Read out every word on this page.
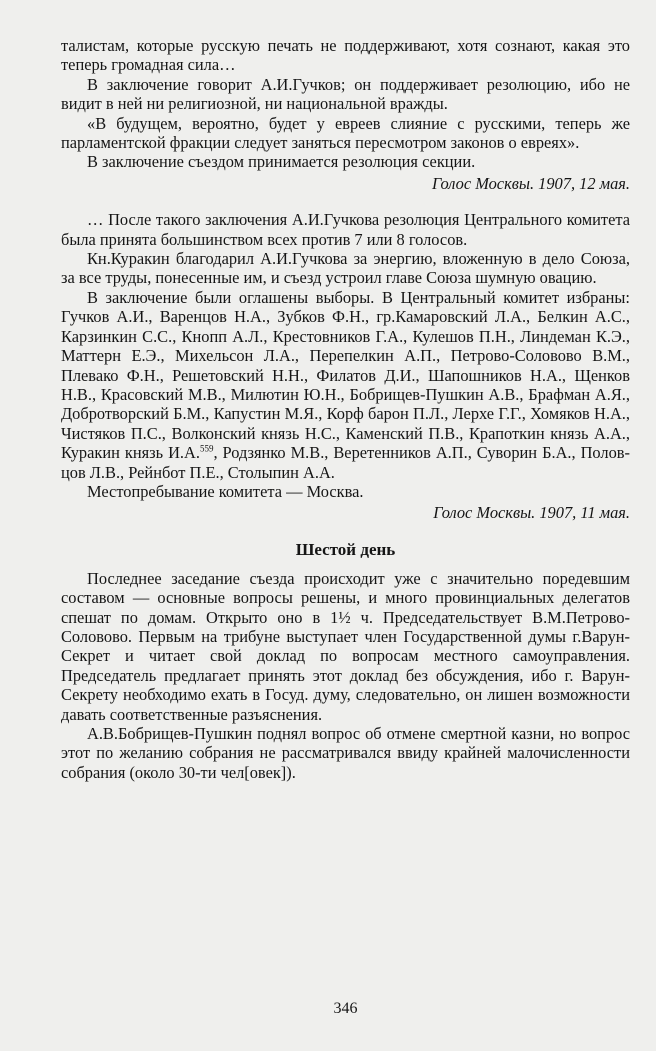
талистам, которые русскую печать не поддерживают, хотя сознают, какая это теперь громадная сила…

В заключение говорит А.И.Гучков; он поддерживает резолюцию, ибо не видит в ней ни религиозной, ни национальной вражды.

«В будущем, вероятно, будет у евреев слияние с русскими, теперь же парламентской фракции следует заняться пересмотром законов о евреях».

В заключение съездом принимается резолюция секции.

Голос Москвы. 1907, 12 мая.

… После такого заключения А.И.Гучкова резолюция Центрального комитета была принята большинством всех против 7 или 8 голосов.

Кн.Куракин благодарил А.И.Гучкова за энергию, вложенную в дело Союза, за все труды, понесенные им, и съезд устроил главе Союза шумную овацию.

В заключение были оглашены выборы. В Центральный комитет избраны: Гучков А.И., Варенцов Н.А., Зубков Ф.Н., гр.Камаровский Л.А., Белкин А.С., Карзинкин С.С., Кнопп А.Л., Крестовников Г.А., Кулешов П.Н., Линдеман К.Э., Маттерн Е.Э., Михельсон Л.А., Перепелкин А.П., Петрово-Соловово В.М., Плевако Ф.Н., Решетовский Н.Н., Филатов Д.И., Шапошников Н.А., Щенков Н.В., Красовский М.В., Милютин Ю.Н., Бобрищев-Пушкин А.В., Брафман А.Я., Добротворский Б.М., Капустин М.Я., Корф барон П.Л., Лерхе Г.Г., Хомяков Н.А., Чистяков П.С., Волконский князь Н.С., Каменский П.В., Крапоткин князь А.А., Куракин князь И.А.$^{559}$, Родзянко М.В., Веретенников А.П., Суворин Б.А., Половцов Л.В., Рейнбот П.Е., Столыпин А.А.

Местопребывание комитета — Москва.

Голос Москвы. 1907, 11 мая.

Шестой день

Последнее заседание съезда происходит уже с значительно поредевшим составом — основные вопросы решены, и много провинциальных делегатов спешат по домам. Открыто оно в 1½ ч. Председательствует В.М.Петрово-Соловово. Первым на трибуне выступает член Государственной думы г.Варун-Секрет и читает свой доклад по вопросам местного самоуправления. Председатель предлагает принять этот доклад без обсуждения, ибо г. Варун-Секрету необходимо ехать в Госуд. думу, следовательно, он лишен возможности давать соответственные разъяснения.

А.В.Бобрищев-Пушкин поднял вопрос об отмене смертной казни, но вопрос этот по желанию собрания не рассматривался ввиду крайней малочисленности собрания (около 30-ти чел[овек]).

346
